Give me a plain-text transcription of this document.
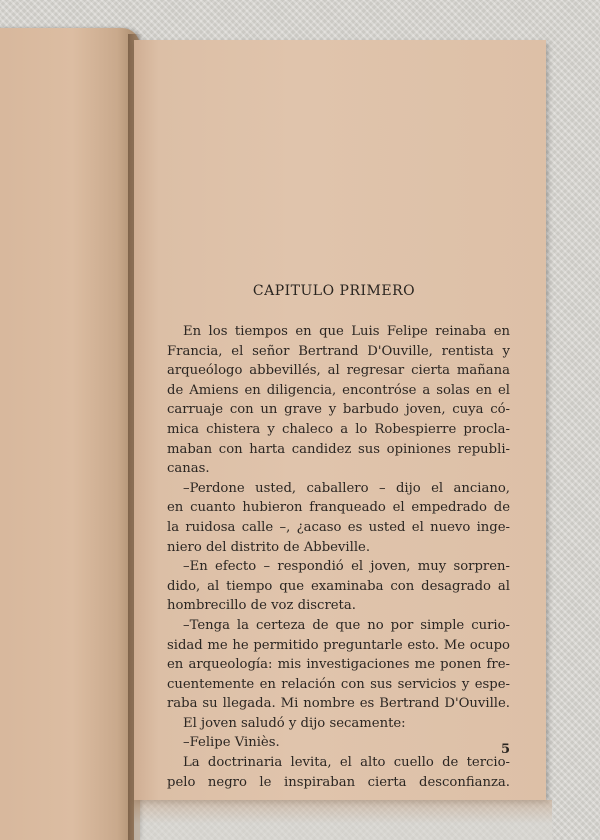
CAPITULO PRIMERO
En los tiempos en que Luis Felipe reinaba en
Francia, el señor Bertrand D'Ouville, rentista y
arqueólogo abbevillés, al regresar cierta mañana
de Amiens en diligencia, encontróse a solas en el
carruaje con un grave y barbudo joven, cuya có-
mica chistera y chaleco a lo Robespierre procla-
maban con harta candidez sus opiniones republi-
canas.
–Perdone usted, caballero – dijo el anciano,
en cuanto hubieron franqueado el empedrado de
la ruidosa calle –, ¿acaso es usted el nuevo inge-
niero del distrito de Abbeville.
–En efecto – respondió el joven, muy sorpren-
dido, al tiempo que examinaba con desagrado al
hombrecillo de voz discreta.
–Tenga la certeza de que no por simple curio-
sidad me he permitido preguntarle esto. Me ocupo
en arqueología: mis investigaciones me ponen fre-
cuentemente en relación con sus servicios y espe-
raba su llegada. Mi nombre es Bertrand D'Ouville.
El joven saludó y dijo secamente:
–Felipe Viniès.
La doctrinaria levita, el alto cuello de tercio-
pelo negro le inspiraban cierta desconfianza.
5
